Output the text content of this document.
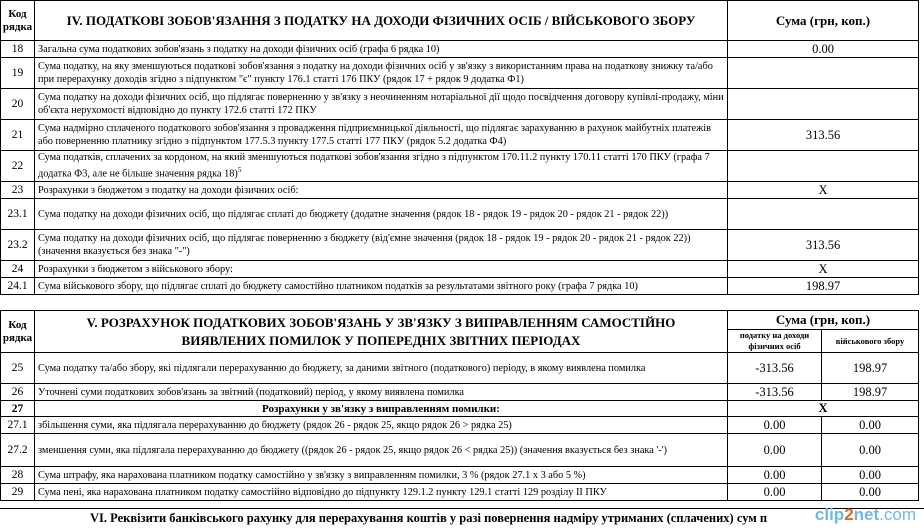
Код рядка	IV. ПОДАТКОВІ ЗОБОВ'ЯЗАННЯ З ПОДАТКУ НА ДОХОДИ ФІЗИЧНИХ ОСІБ / ВІЙСЬКОВОГО ЗБОРУ	Сума (грн, коп.)
18	Загальна сума податкових зобов'язань з податку на доходи фізичних осіб (графа 6 рядка 10)	0.00
19	Сума податку, на яку зменшуються податкові зобов'язання з податку на доходи фізичних осіб у зв'язку з використанням права на податкову знижку та/або при перерахунку доходів згідно з підпунктом "є" пункту 176.1 статті 176 ПКУ (рядок 17 + рядок 9 додатка Ф1)	
20	Сума податку на доходи фізичних осіб, що підлягає поверненню у зв'язку з неочиненням нотаріальної дії щодо посвідчення договору купівлі-продажу, міни об'єкта нерухомості відповідно до пункту 172.6 статті 172 ПКУ	
21	Сума надмірно сплаченого податкового зобов'язання з провадження підприємницької діяльності, що підлягає зарахуванню в рахунок майбутніх платежів або поверненню платнику згідно з підпунктом 177.5.3 пункту 177.5 статті 177 ПКУ (рядок 5.2 додатка Ф4)	313.56
22	Сума податків, сплачених за кордоном, на який зменшуються податкові зобов'язання згідно з підпунктом 170.11.2 пункту 170.11 статті 170 ПКУ (графа 7 додатка Ф3, але не більше значення рядка 18)$^5$	
23	Розрахунки з бюджетом з податку на доходи фізичних осіб:	X
23.1	Сума податку на доходи фізичних осіб, що підлягає сплаті до бюджету (додатне значення (рядок 18 - рядок 19 - рядок 20 - рядок 21 - рядок 22))	
23.2	Сума податку на доходи фізичних осіб, що підлягає поверненню з бюджету (від'ємне значення (рядок 18 - рядок 19 - рядок 20 - рядок 21 - рядок 22)) (значення вказується без знака "-")	313.56
24	Розрахунки з бюджетом з військового збору:	X
24.1	Сума військового збору, що підлягає сплаті до бюджету самостійно платником податків за результатами звітного року (графа 7 рядка 10)	198.97
Код рядка	V. РОЗРАХУНОК ПОДАТКОВИХ ЗОБОВ'ЯЗАНЬ У ЗВ'ЯЗКУ З ВИПРАВЛЕННЯМ САМОСТІЙНО
ВИЯВЛЕНИХ ПОМИЛОК У ПОПЕРЕДНІХ ЗВІТНИХ ПЕРІОДАХ	Сума (грн, коп.)	
		податку на доходи фізичних осіб	військового збору
25	Сума податку та/або збору, які підлягали перерахуванню до бюджету, за даними звітного (податкового) періоду, в якому виявлена помилка	-313.56	198.97
26	Уточнені суми податкових зобов'язань за звітний (податковий) період, у якому виявлена помилка	-313.56	198.97
27	Розрахунки у зв'язку з виправленням помилки:	X	
27.1	збільшення суми, яка підлягала перерахуванню до бюджету (рядок 26 - рядок 25, якщо рядок 26 > рядка 25)	0.00	0.00
27.2	зменшення суми, яка підлягала перерахуванню до бюджету ((рядок 26 - рядок 25, якщо рядок 26 < рядка 25)) (значення вказується без знака '-')	0.00	0.00
28	Сума штрафу, яка нарахована платником податку самостійно у зв'язку з виправленням помилки, 3 % (рядок 27.1 х 3 або 5 %)	0.00	0.00
29	Сума пені, яка нарахована платником податку самостійно відповідно до підпункту 129.1.2 пункту 129.1 статті 129 розділу II ПКУ	0.00	0.00
VI. Реквізити банківського рахунку для перерахування коштів у разі повернення надміру утриманих (сплачених) сум п	clip2net.com
